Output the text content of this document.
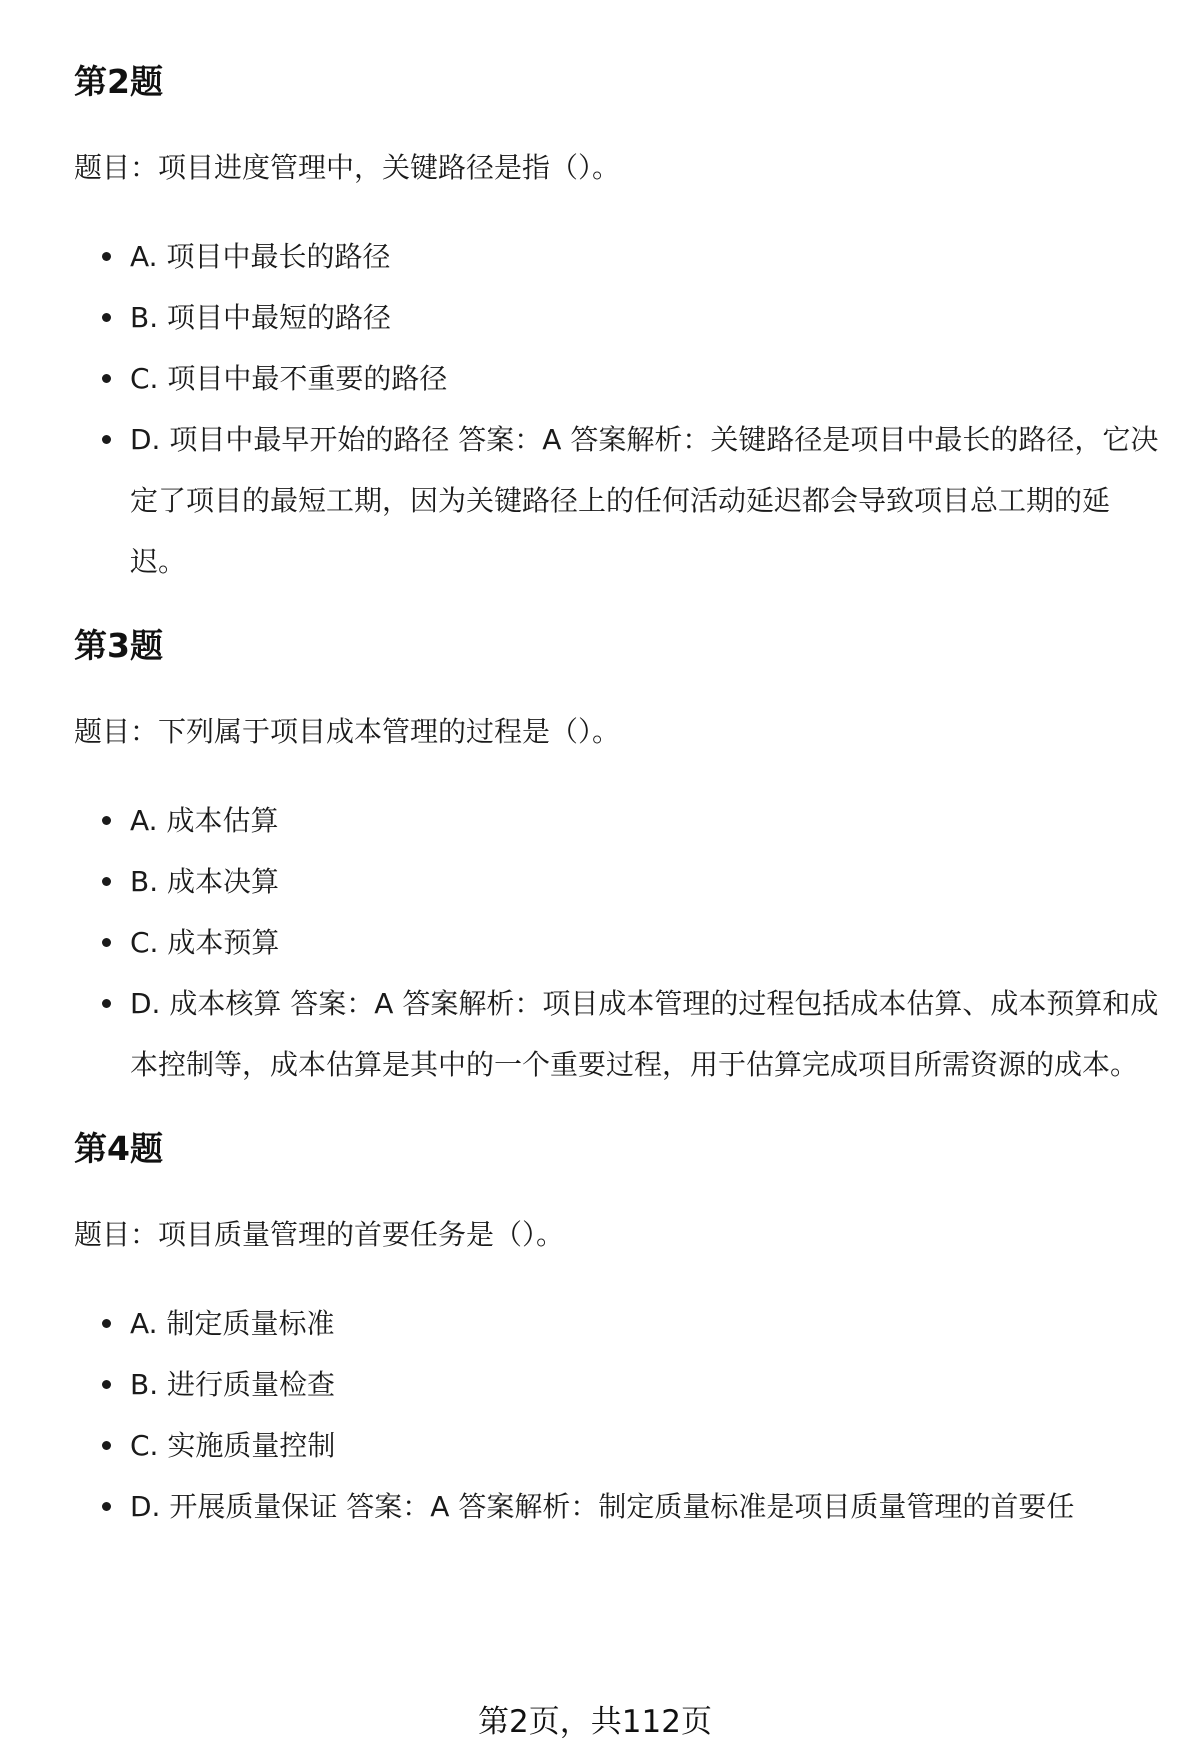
第2题

题目：项目进度管理中，关键路径是指（）。

A. 项目中最长的路径
B. 项目中最短的路径
C. 项目中最不重要的路径
D. 项目中最早开始的路径 答案：A 答案解析：关键路径是项目中最长的路径，它决定了项目的最短工期，因为关键路径上的任何活动延迟都会导致项目总工期的延迟。
第3题

题目：下列属于项目成本管理的过程是（）。

A. 成本估算
B. 成本决算
C. 成本预算
D. 成本核算 答案：A 答案解析：项目成本管理的过程包括成本估算、成本预算和成本控制等，成本估算是其中的一个重要过程，用于估算完成项目所需资源的成本。
第4题

题目：项目质量管理的首要任务是（）。

A. 制定质量标准
B. 进行质量检查
C. 实施质量控制
D. 开展质量保证 答案：A 答案解析：制定质量标准是项目质量管理的首要任
第2页，共112页
